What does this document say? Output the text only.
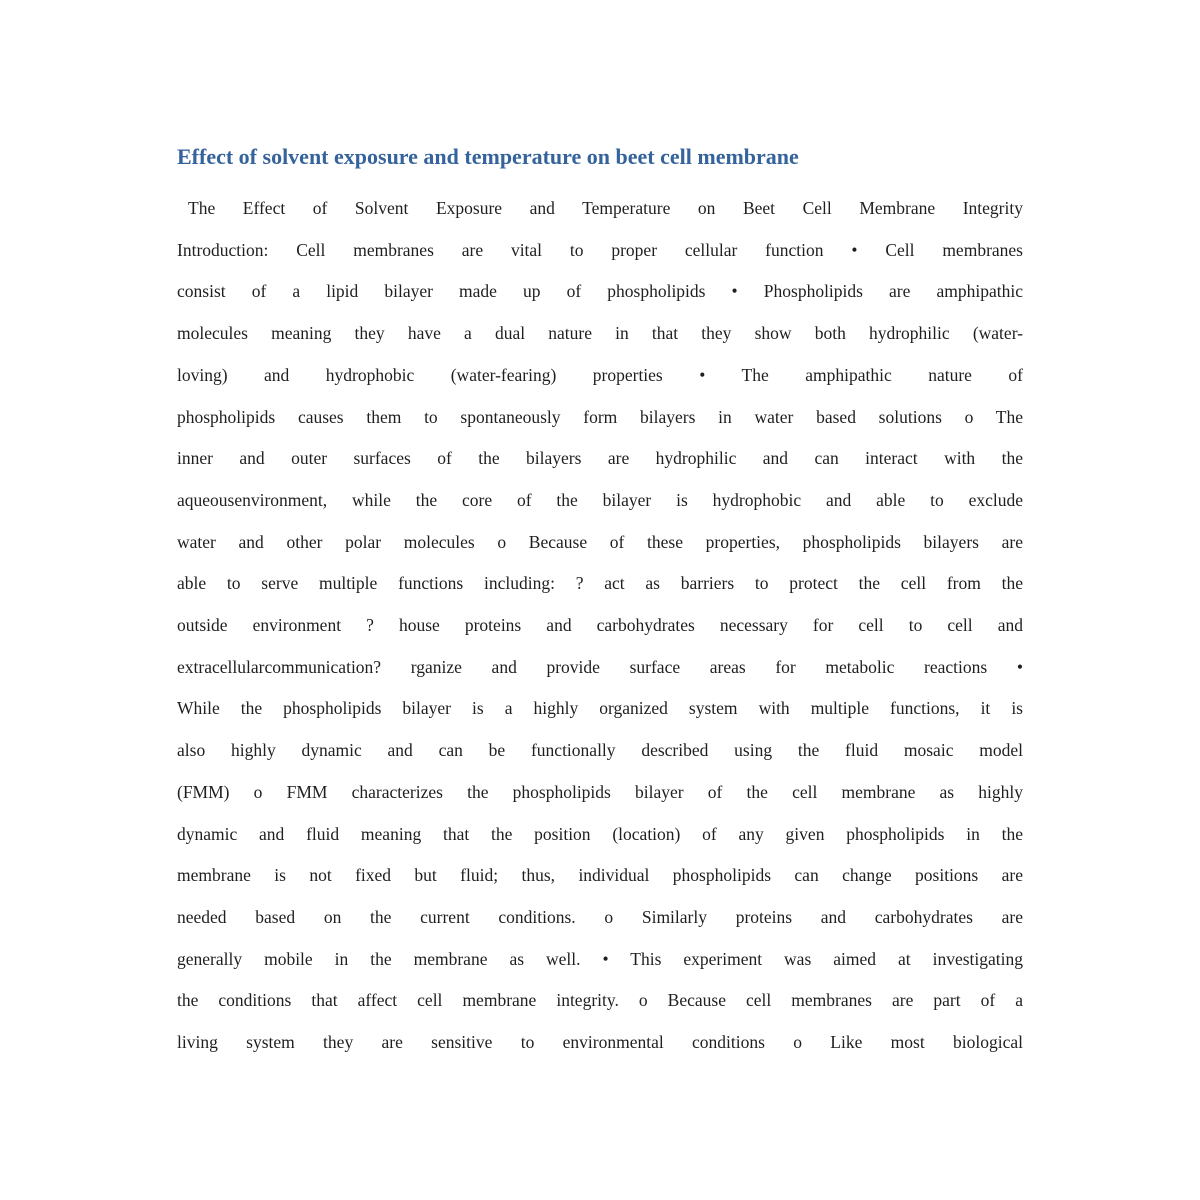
Effect of solvent exposure and temperature on beet cell membrane
The Effect of Solvent Exposure and Temperature on Beet Cell Membrane Integrity
Introduction: Cell membranes are vital to proper cellular function • Cell membranes
consist of a lipid bilayer made up of phospholipids • Phospholipids are amphipathic
molecules meaning they have a dual nature in that they show both hydrophilic (water-
loving) and hydrophobic (water-fearing) properties • The amphipathic nature of
phospholipids causes them to spontaneously form bilayers in water based solutions o The
inner and outer surfaces of the bilayers are hydrophilic and can interact with the
aqueousenvironment, while the core of the bilayer is hydrophobic and able to exclude
water and other polar molecules o Because of these properties, phospholipids bilayers are
able to serve multiple functions including: ? act as barriers to protect the cell from the
outside environment ? house proteins and carbohydrates necessary for cell to cell and
extracellularcommunication? rganize and provide surface areas for metabolic reactions •
While the phospholipids bilayer is a highly organized system with multiple functions, it is
also highly dynamic and can be functionally described using the fluid mosaic model
(FMM) o FMM characterizes the phospholipids bilayer of the cell membrane as highly
dynamic and fluid meaning that the position (location) of any given phospholipids in the
membrane is not fixed but fluid; thus, individual phospholipids can change positions are
needed based on the current conditions. o Similarly proteins and carbohydrates are
generally mobile in the membrane as well. • This experiment was aimed at investigating
the conditions that affect cell membrane integrity. o Because cell membranes are part of a
living system they are sensitive to environmental conditions o Like most biological
